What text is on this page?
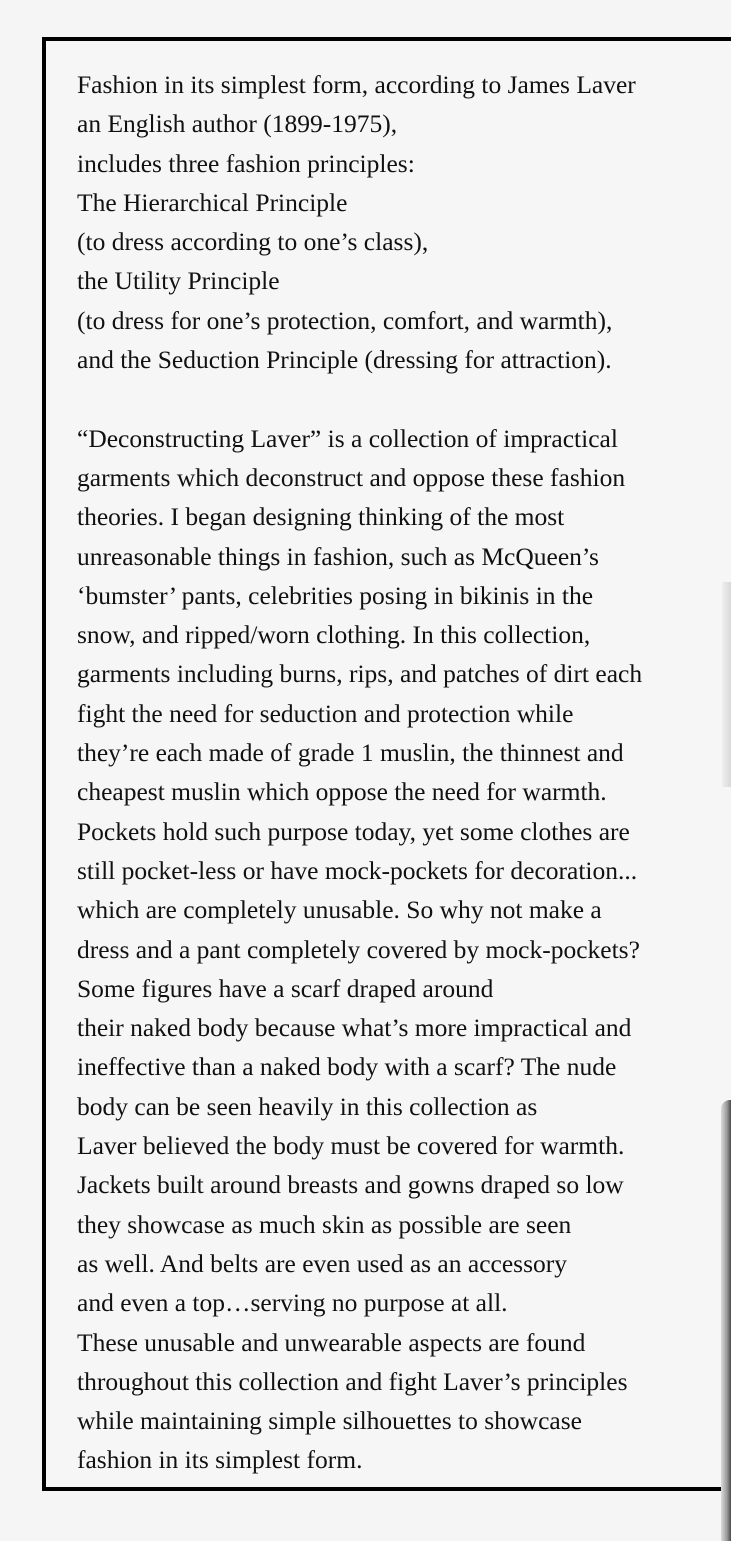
Fashion in its simplest form, according to James Laver
an English author (1899-1975),
includes three fashion principles:
The Hierarchical Principle
(to dress according to one’s class),
the Utility Principle
(to dress for one’s protection, comfort, and warmth),
and the Seduction Principle (dressing for attraction).
“Deconstructing Laver” is a collection of impractical
garments which deconstruct and oppose these fashion
theories. I began designing thinking of the most
unreasonable things in fashion, such as McQueen’s
‘bumster’ pants, celebrities posing in bikinis in the
snow, and ripped/worn clothing. In this collection,
garments including burns, rips, and patches of dirt each
fight the need for seduction and protection while
they’re each made of grade 1 muslin, the thinnest and
cheapest muslin which oppose the need for warmth.
Pockets hold such purpose today, yet some clothes are
still pocket-less or have mock-pockets for decoration...
which are completely unusable. So why not make a
dress and a pant completely covered by mock-pockets?
Some figures have a scarf draped around
their naked body because what’s more impractical and
ineffective than a naked body with a scarf? The nude
body can be seen heavily in this collection as
Laver believed the body must be covered for warmth.
Jackets built around breasts and gowns draped so low
they showcase as much skin as possible are seen
as well. And belts are even used as an accessory
and even a top…serving no purpose at all.
These unusable and unwearable aspects are found
throughout this collection and fight Laver’s principles
while maintaining simple silhouettes to showcase
fashion in its simplest form.
